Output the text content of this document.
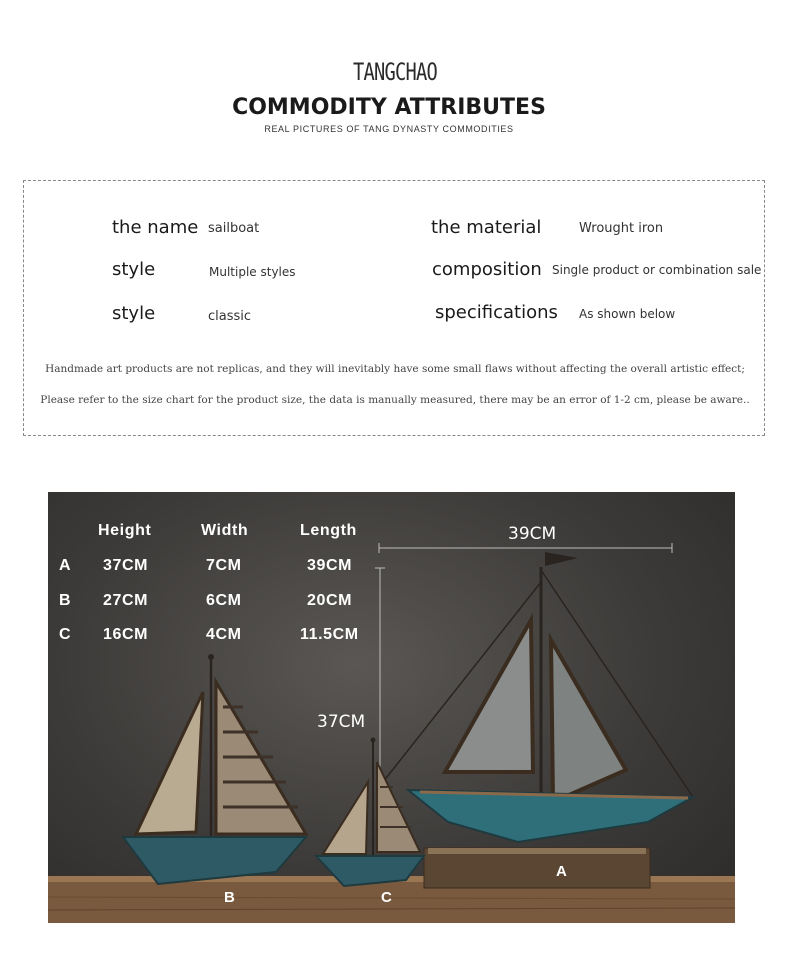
TANGCHAO
COMMODITY ATTRIBUTES
REAL PICTURES OF TANG DYNASTY COMMODITIES
the name sailboat
style	Multiple styles
style	classic
the material	Wrought iron
composition Single product or combination sale
specifications As shown below
Handmade art products are not replicas, and they will inevitably have some small flaws without affecting the overall artistic effect;
Please refer to the size chart for the product size, the data is manually measured, there may be an error of 1-2 cm, please be aware..
Height	Width	Length
A 37CM	7CM	39CM
B 27CM	6CM	20CM
C 16CM	4CM	11.5CM
39CM
37CM
A
B	C
